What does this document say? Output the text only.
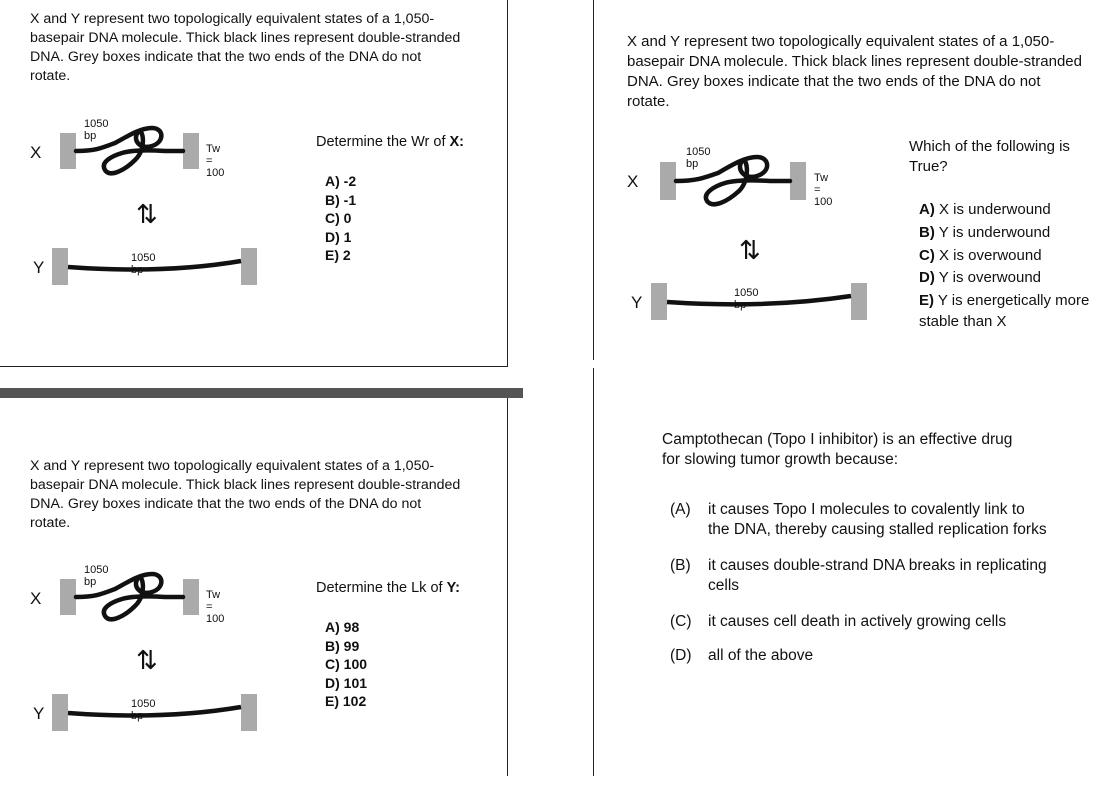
X and Y represent two topologically equivalent states of a 1,050-
basepair DNA molecule. Thick black lines represent double-stranded
DNA. Grey boxes indicate that the two ends of the DNA do not
rotate.
X
1050 bp
Tw = 100
Y	1050 bp
⇅
Determine the Wr of X:
A) -2
B) -1
C) 0
D) 1
E) 2
X and Y represent two topologically equivalent states of a 1,050-
basepair DNA molecule. Thick black lines represent double-stranded
DNA. Grey boxes indicate that the two ends of the DNA do not
rotate.
X
1050 bp
Tw = 100
Y	1050 bp
⇅
Which of the following is
True?
A) X is underwound
B) Y is underwound
C) X is overwound
D) Y is overwound
E) Y is energetically more
stable than X
X and Y represent two topologically equivalent states of a 1,050-
basepair DNA molecule. Thick black lines represent double-stranded
DNA. Grey boxes indicate that the two ends of the DNA do not
rotate.
X
1050 bp
Tw = 100
Y	1050 bp
⇅
Determine the Lk of Y:
A) 98
B) 99
C) 100
D) 101
E) 102
Camptothecan (Topo I inhibitor) is an effective drug
for slowing tumor growth because:
(A)	it causes Topo I molecules to covalently link to
the DNA, thereby causing stalled replication forks
(B)	it causes double-strand DNA breaks in replicating
cells
(C)	it causes cell death in actively growing cells
(D)	all of the above
